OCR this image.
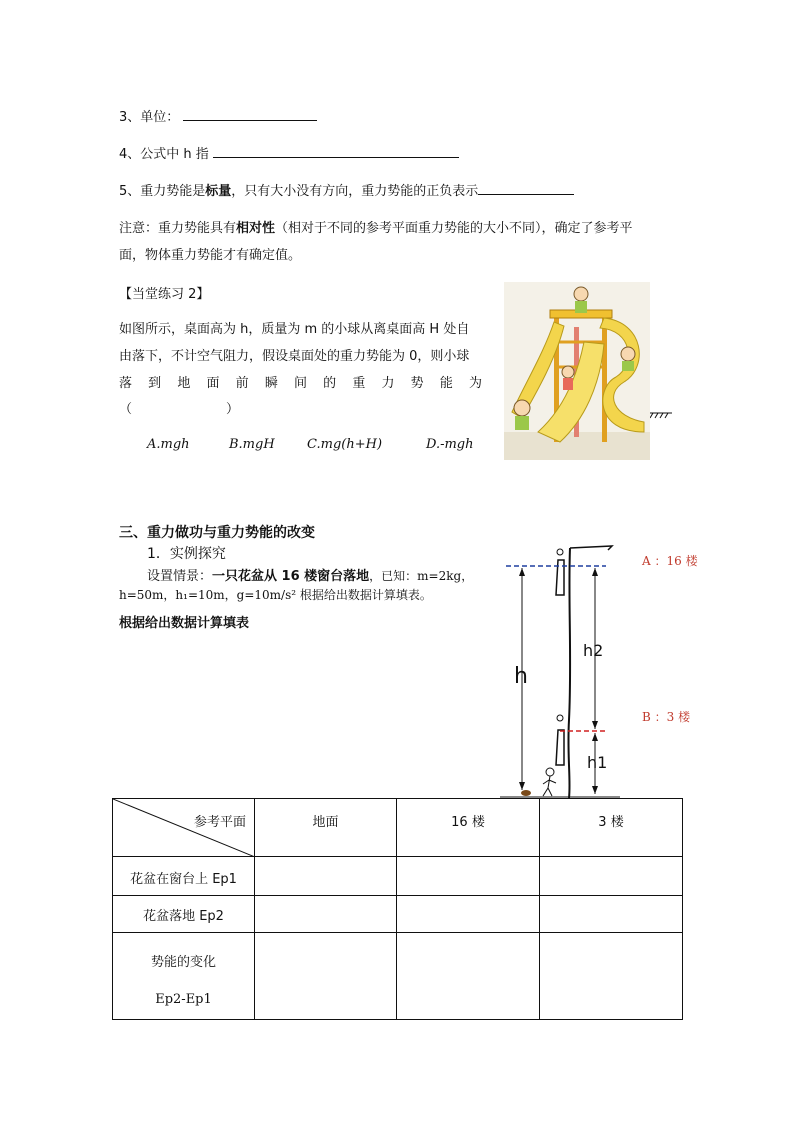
3、单位：
4、公式中 h 指
5、重力势能是标量，只有大小没有方向，重力势能的正负表示
注意：重力势能具有相对性（相对于不同的参考平面重力势能的大小不同），确定了参考平
面，物体重力势能才有确定值。
【当堂练习 2】
如图所示，桌面高为 h，质量为 m 的小球从离桌面高 H 处自
由落下，不计空气阻力，假设桌面处的重力势能为 0，则小球
落到地面前瞬间的重力势能为
（	）
A.mgh	B.mgH C.mg(h+H)	D.-mgh
三、重力做功与重力势能的改变
1．实例探究
设置情景：一只花盆从 16 楼窗台落地，已知：m=2kg，
h=50m，h₁=10m，g=10m/s² 根据给出数据计算填表。
根据给出数据计算填表
h
h2
h1
A ：16 楼
B ：3 楼
参考平面	地面	16 楼	3 楼
花盆在窗台上 Ep1			
花盆落地 Ep2			

势能的变化
Ep2-Ep1			
